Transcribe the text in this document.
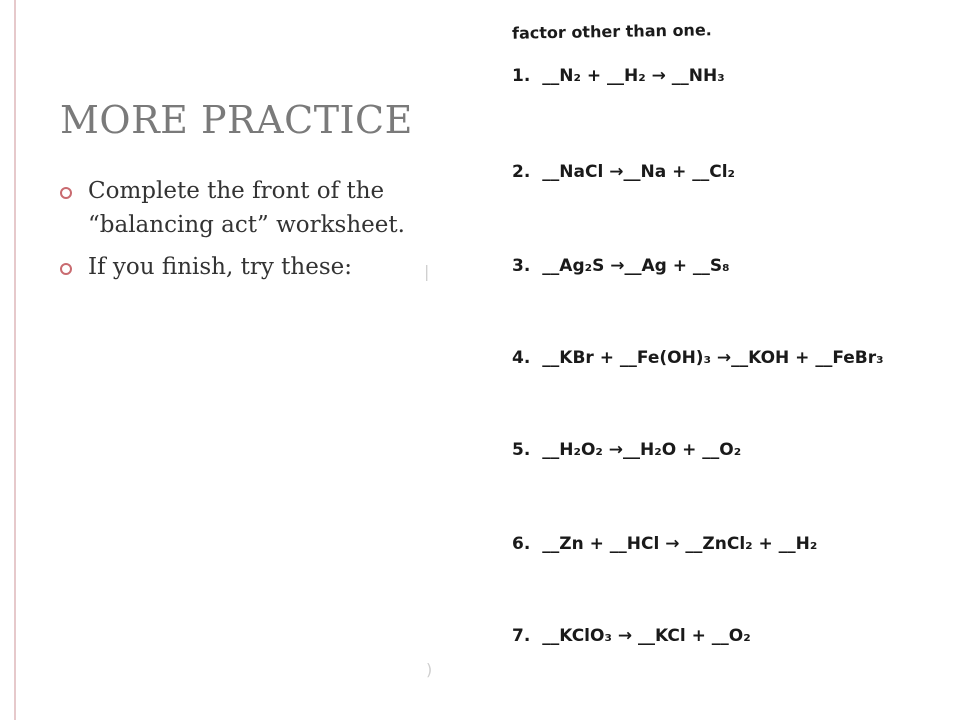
MORE PRACTICE
Complete the front of the “balancing act” worksheet.
If you finish, try these:
factor other than one.
1. __N₂ + __H₂ → __NH₃
2. __NaCl →__Na + __Cl₂
3. __Ag₂S →__Ag + __S₈
4. __KBr + __Fe(OH)₃ →__KOH + __FeBr₃
5. __H₂O₂ →__H₂O + __O₂
6. __Zn + __HCl → __ZnCl₂ + __H₂
7. __KClO₃ → __KCl + __O₂
|
)
